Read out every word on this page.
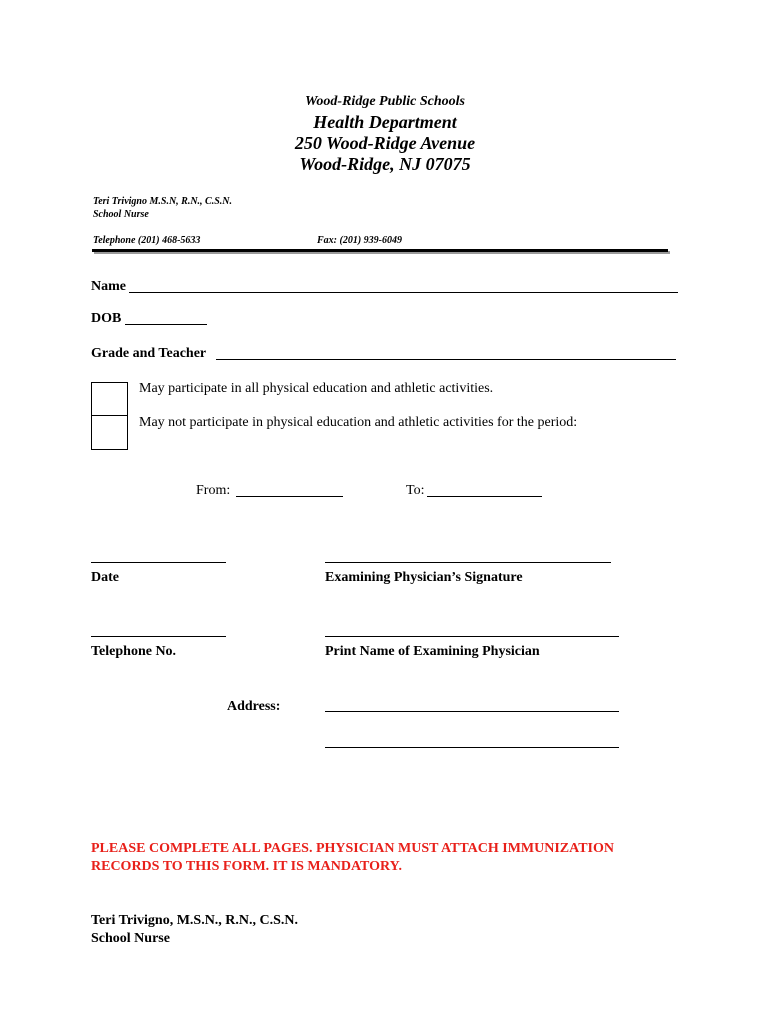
Wood-Ridge Public Schools
Health Department
250 Wood-Ridge Avenue
Wood-Ridge, NJ 07075
Teri Trivigno M.S.N, R.N., C.S.N.
School Nurse
Telephone (201) 468-5633	Fax: (201) 939-6049
Name
DOB
Grade and Teacher
May participate in all physical education and athletic activities.
May not participate in physical education and athletic activities for the period:
From:	To:
Date	Examining Physician’s Signature
Telephone No.	Print Name of Examining Physician
Address:
PLEASE COMPLETE ALL PAGES. PHYSICIAN MUST ATTACH IMMUNIZATION
RECORDS TO THIS FORM. IT IS MANDATORY.
Teri Trivigno, M.S.N., R.N., C.S.N.
School Nurse
